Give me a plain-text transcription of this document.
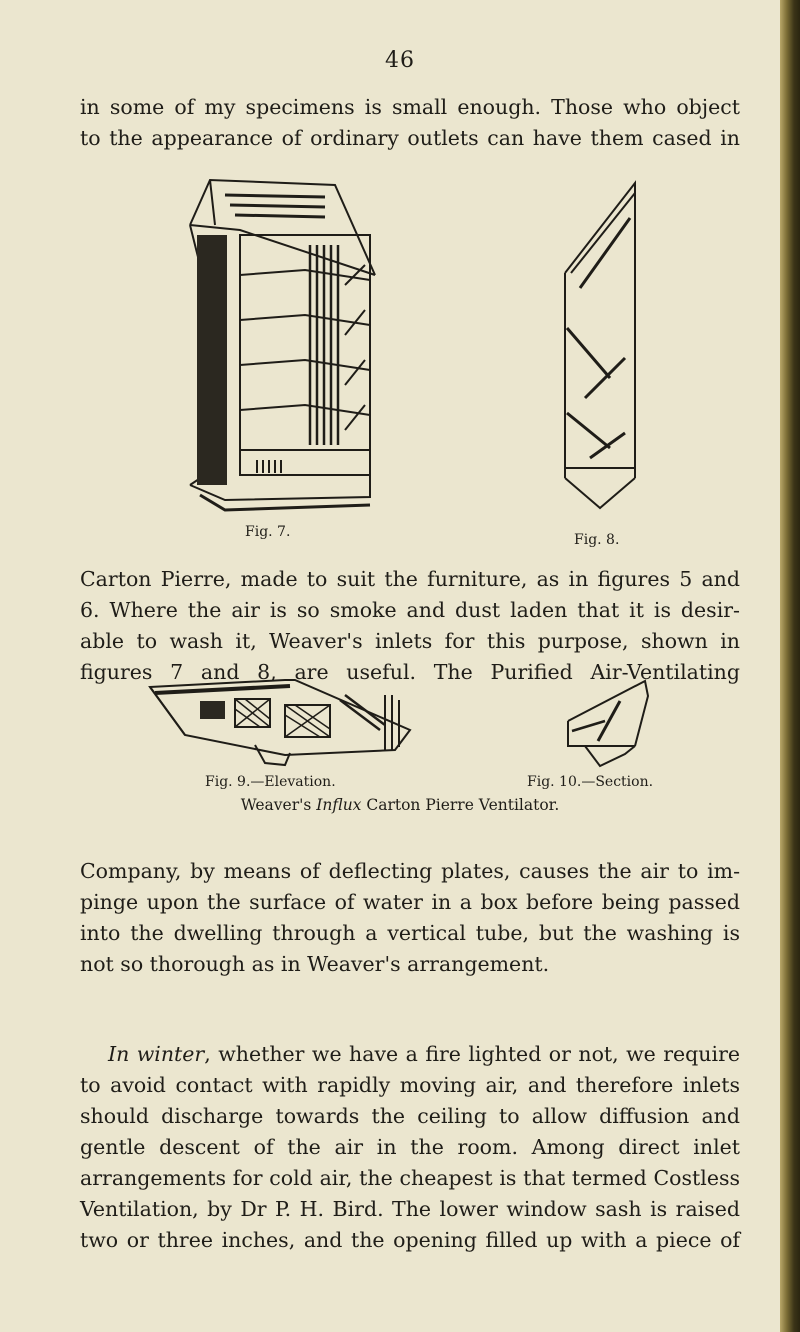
46

in some of my specimens is small enough. Those who object
to the appearance of ordinary outlets can have them cased in

Fig. 7.	Fig. 8.

Carton Pierre, made to suit the furniture, as in figures 5 and
6. Where the air is so smoke and dust laden that it is desir-
able to wash it, Weaver's inlets for this purpose, shown in
figures 7 and 8, are useful. The Purified Air-Ventilating

Fig. 9.—Elevation.	Fig. 10.—Section.
Weaver's Influx Carton Pierre Ventilator.

Company, by means of deflecting plates, causes the air to im-
pinge upon the surface of water in a box before being passed
into the dwelling through a vertical tube, but the washing is
not so thorough as in Weaver's arrangement.

In winter, whether we have a fire lighted or not, we require
to avoid contact with rapidly moving air, and therefore inlets
should discharge towards the ceiling to allow diffusion and
gentle descent of the air in the room. Among direct inlet
arrangements for cold air, the cheapest is that termed Costless
Ventilation, by Dr P. H. Bird. The lower window sash is raised
two or three inches, and the opening filled up with a piece of
